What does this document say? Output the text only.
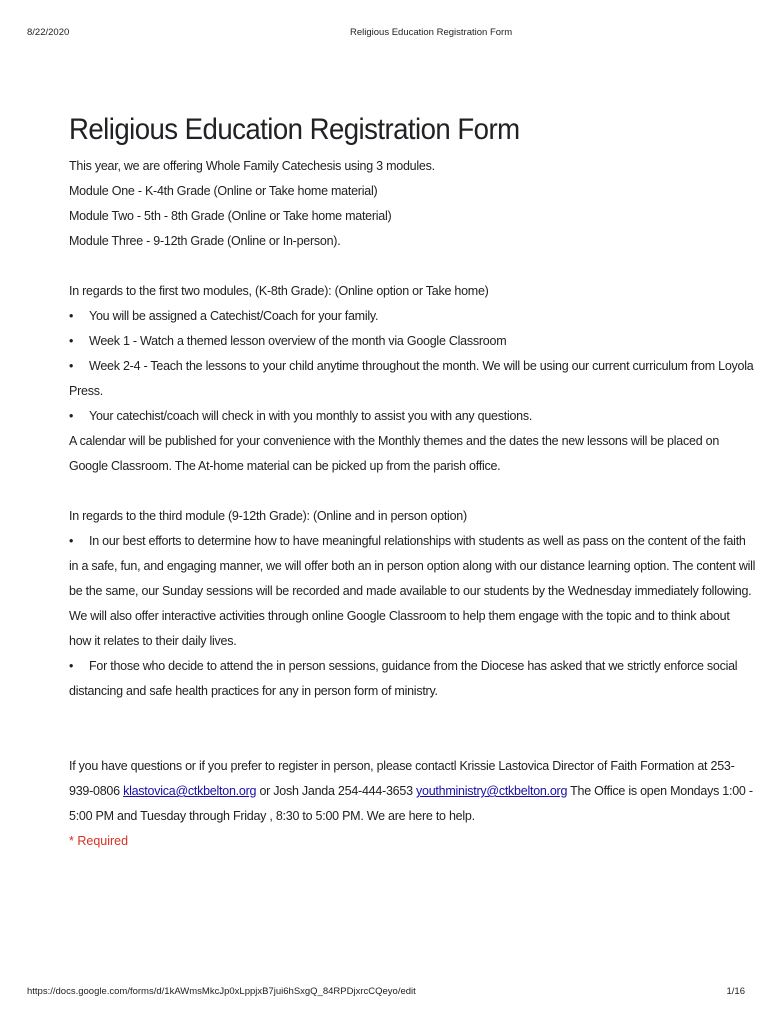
8/22/2020	Religious Education Registration Form
Religious Education Registration Form
This year, we are offering Whole Family Catechesis using 3 modules.
Module One - K-4th Grade (Online or Take home material)
Module Two - 5th - 8th Grade (Online or Take home material)
Module Three - 9-12th Grade (Online or In-person).
In regards to the first two modules, (K-8th Grade): (Online option or Take home)
• You will be assigned a Catechist/Coach for your family.
• Week 1 - Watch a themed lesson overview of the month via Google Classroom
• Week 2-4 - Teach the lessons to your child anytime throughout the month. We will be using our current curriculum from Loyola
Press.
• Your catechist/coach will check in with you monthly to assist you with any questions.
A calendar will be published for your convenience with the Monthly themes and the dates the new lessons will be placed on
Google Classroom. The At-home material can be picked up from the parish office.
In regards to the third module (9-12th Grade): (Online and in person option)
• In our best efforts to determine how to have meaningful relationships with students as well as pass on the content of the faith
in a safe, fun, and engaging manner, we will offer both an in person option along with our distance learning option. The content will
be the same, our Sunday sessions will be recorded and made available to our students by the Wednesday immediately following.
We will also offer interactive activities through online Google Classroom to help them engage with the topic and to think about
how it relates to their daily lives.
• For those who decide to attend the in person sessions, guidance from the Diocese has asked that we strictly enforce social
distancing and safe health practices for any in person form of ministry.
If you have questions or if you prefer to register in person, please contactl Krissie Lastovica Director of Faith Formation at 253-
939-0806 klastovica@ctkbelton.org or Josh Janda 254-444-3653 youthministry@ctkbelton.org The Office is open Mondays 1:00 -
5:00 PM and Tuesday through Friday , 8:30 to 5:00 PM. We are here to help.
* Required
https://docs.google.com/forms/d/1kAWmsMkcJp0xLppjxB7jui6hSxgQ_84RPDjxrcCQeyo/edit	1/16
